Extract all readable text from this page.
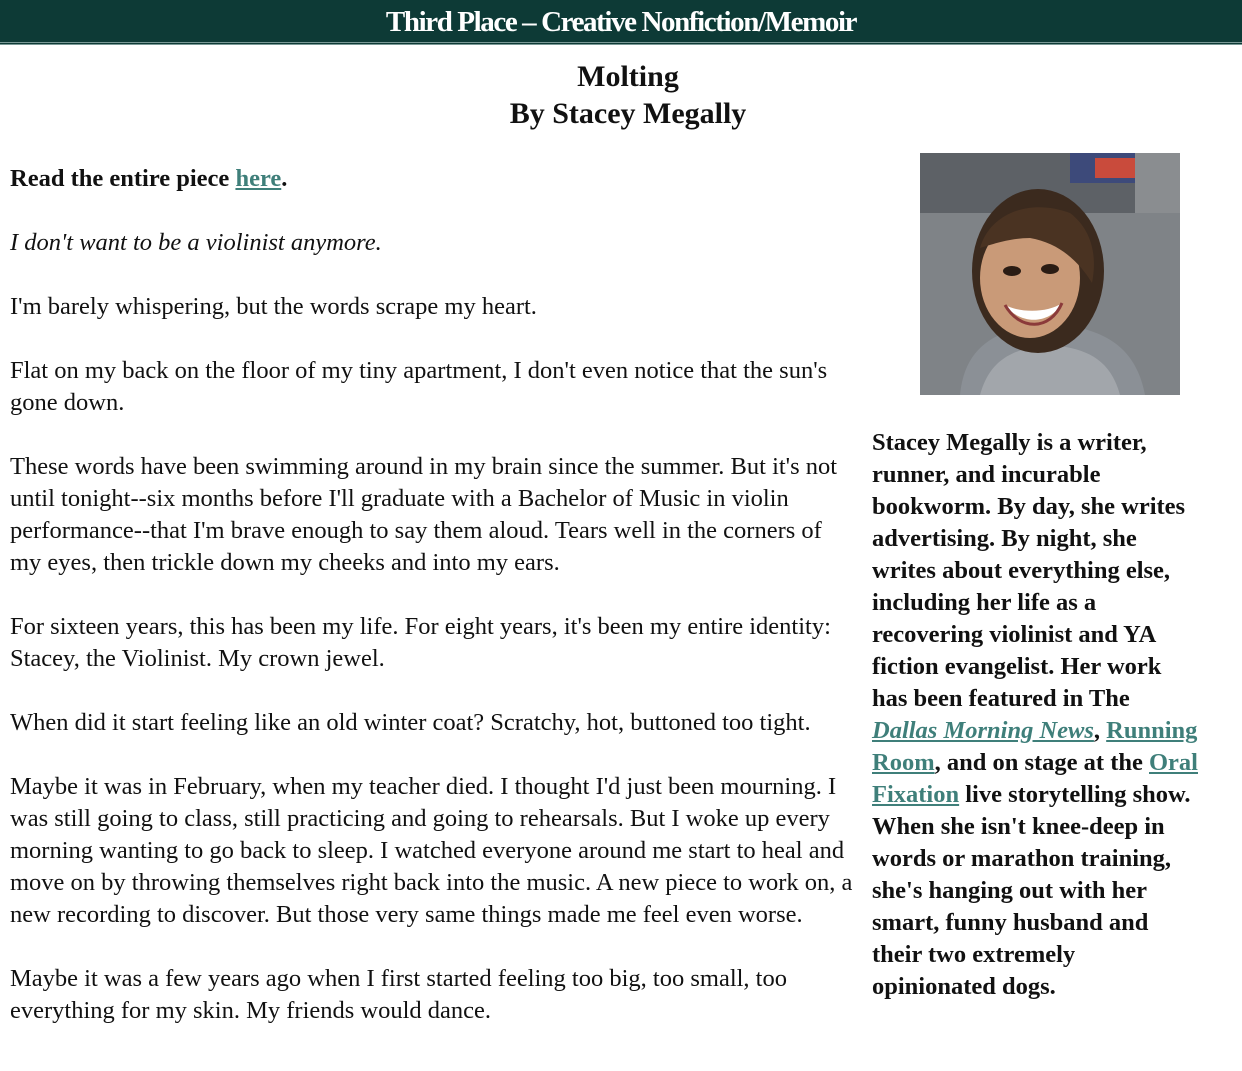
Third Place – Creative Nonfiction/Memoir
Molting
By Stacey Megally

Read the entire piece here.

I don't want to be a violinist anymore.

I'm barely whispering, but the words scrape my heart.

Flat on my back on the floor of my tiny apartment, I don't even notice that the sun's gone down.

These words have been swimming around in my brain since the summer. But it's not until tonight--six months before I'll graduate with a Bachelor of Music in violin performance--that I'm brave enough to say them aloud. Tears well in the corners of my eyes, then trickle down my cheeks and into my ears.

For sixteen years, this has been my life. For eight years, it's been my entire identity: Stacey, the Violinist. My crown jewel.

When did it start feeling like an old winter coat? Scratchy, hot, buttoned too tight.

Maybe it was in February, when my teacher died. I thought I'd just been mourning. I was still going to class, still practicing and going to rehearsals. But I woke up every morning wanting to go back to sleep. I watched everyone around me start to heal and move on by throwing themselves right back into the music. A new piece to work on, a new recording to discover. But those very same things made me feel even worse.

Maybe it was a few years ago when I first started feeling too big, too small, too everything for my skin. My friends would dance.

Stacey Megally is a writer,
runner, and incurable
bookworm. By day, she writes
advertising. By night, she
writes about everything else,
including her life as a
recovering violinist and YA
fiction evangelist. Her work
has been featured in The
Dallas Morning News, Running
Room, and on stage at the Oral
Fixation live storytelling show.
When she isn't knee-deep in
words or marathon training,
she's hanging out with her
smart, funny husband and
their two extremely
opinionated dogs.
